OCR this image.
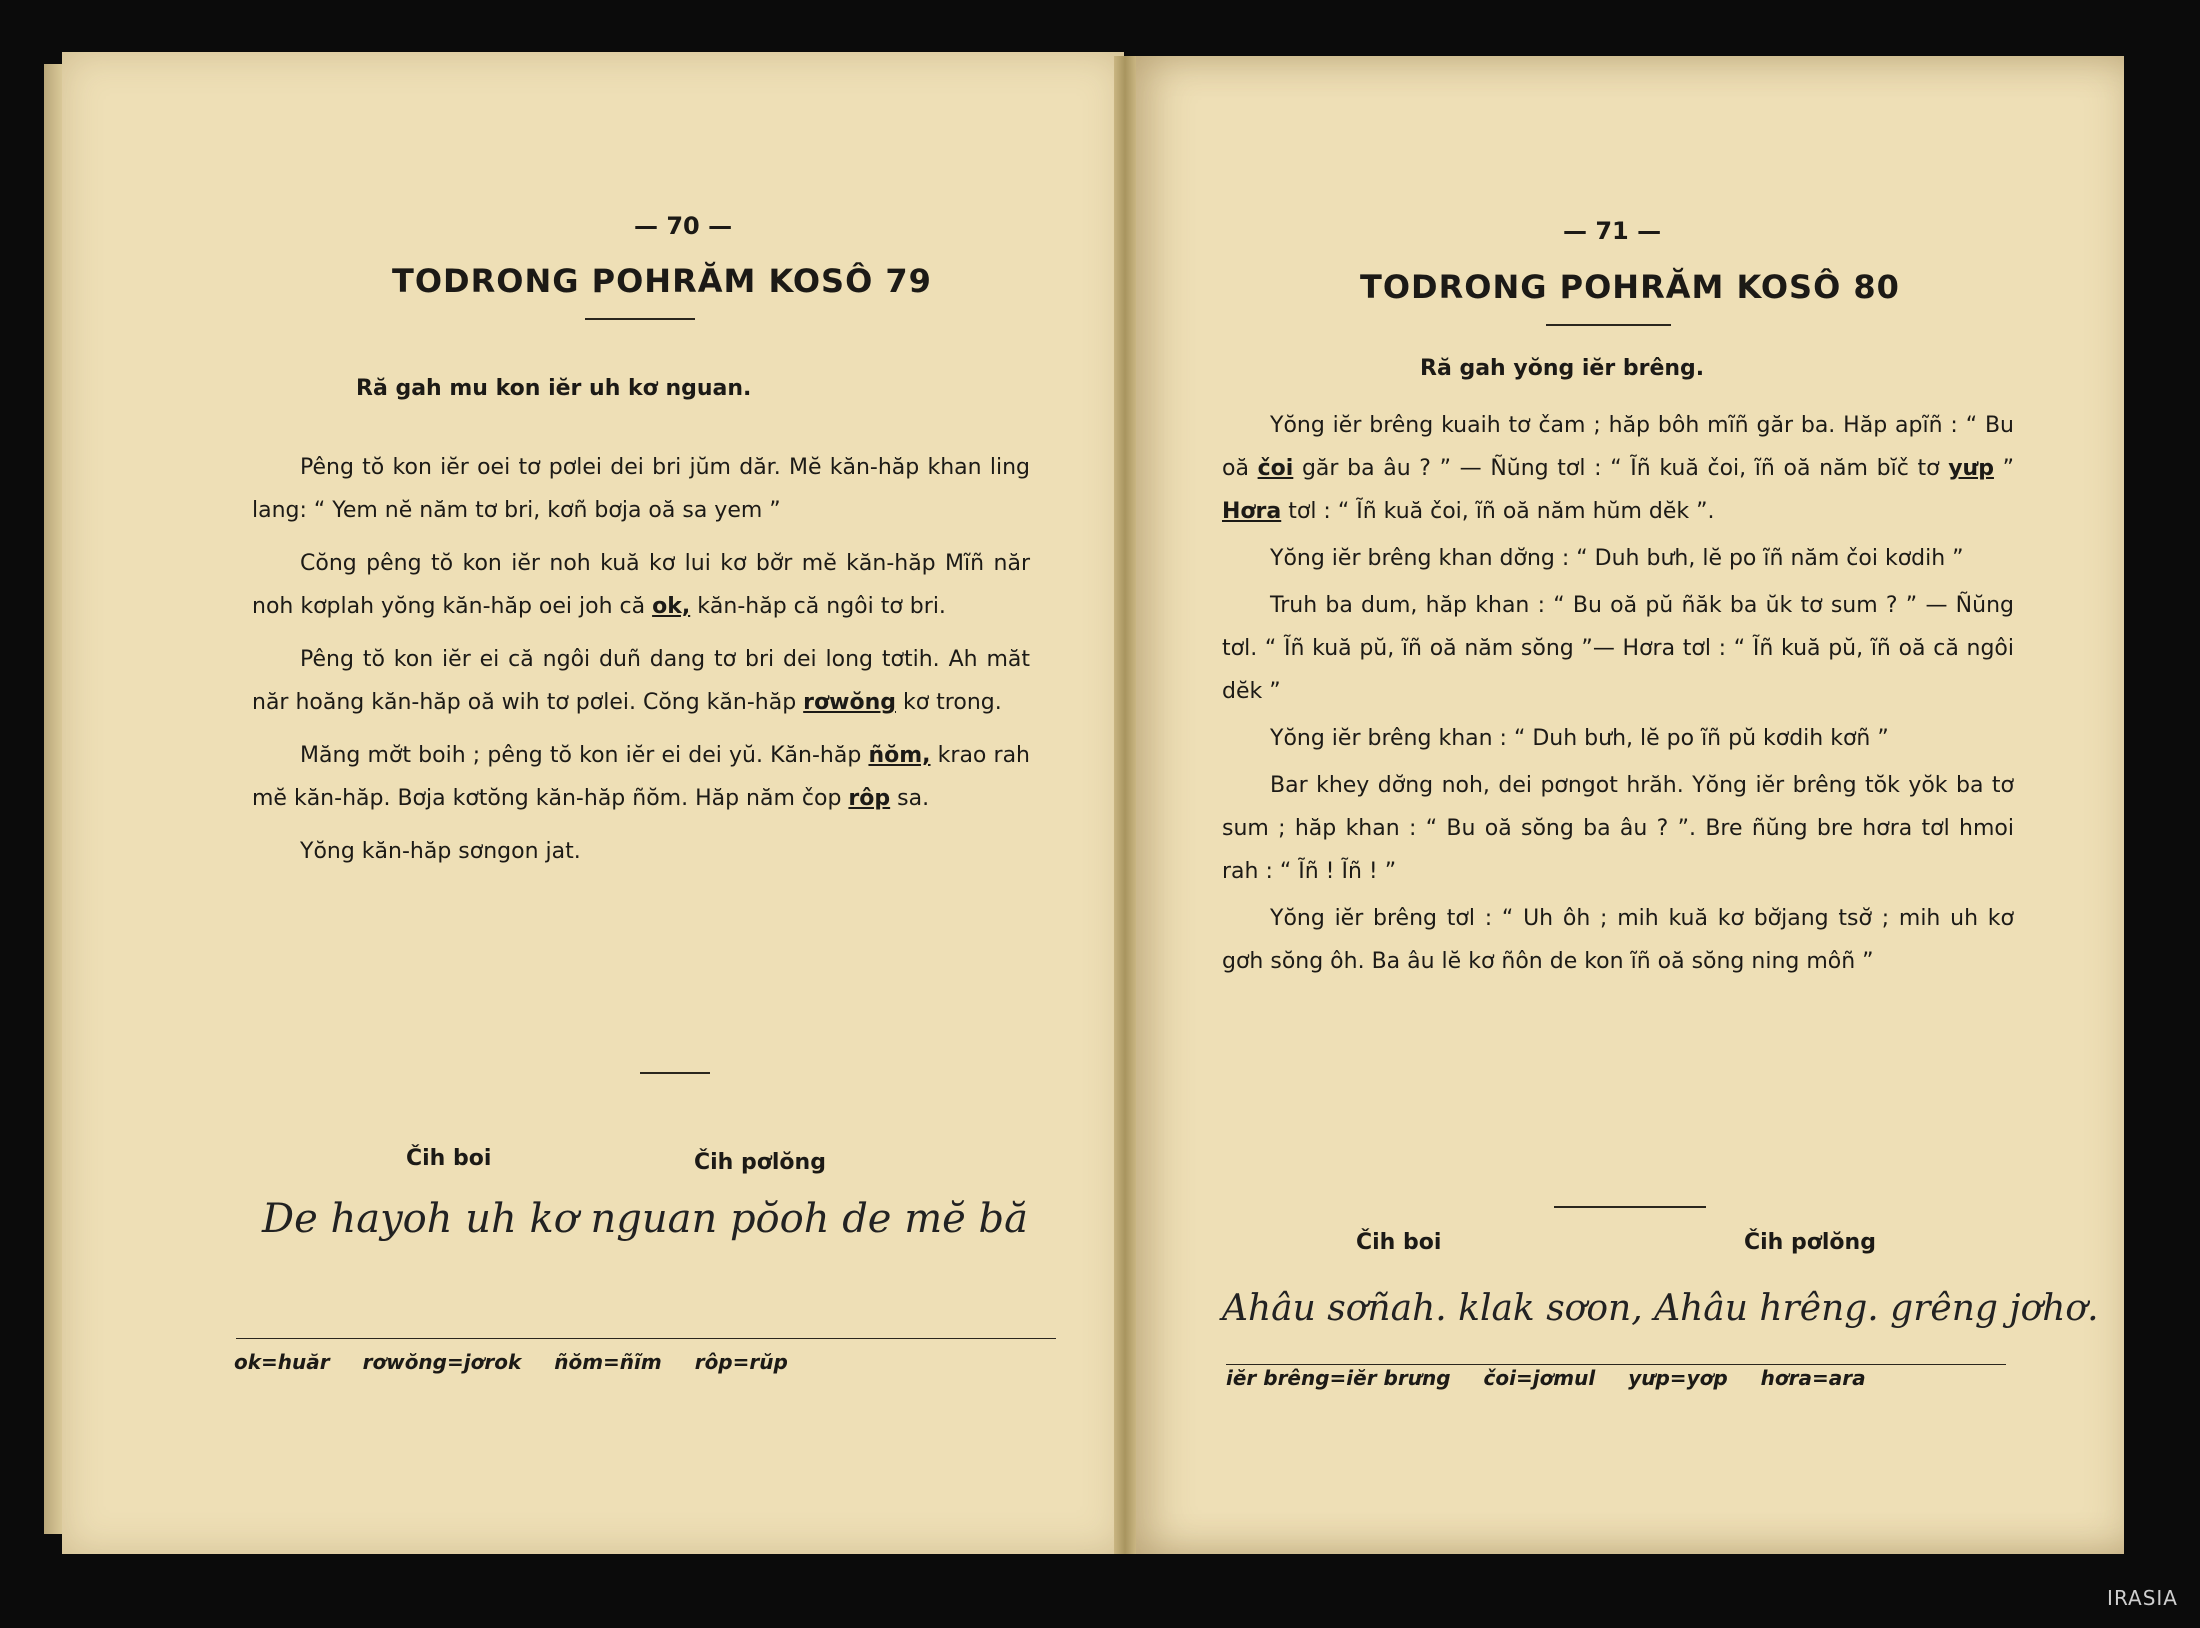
— 70 —
TODRONG POHRĂM KOSÔ 79
Ră gah mu kon iĕr uh kơ nguan.

Pêng tŏ kon iĕr oei tơ pơlei dei bri jŭm dăr. Mĕ kăn-hăp khan ling lang: “ Yem nĕ năm tơ bri, kơñ bơja oă sa yem ”

Cŏng pêng tŏ kon iĕr noh kuă kơ lui kơ bơ̆r mĕ kăn-hăp Mĩñ năr noh kơplah yŏng kăn-hăp oei joh că ok, kăn-hăp că ngôi tơ bri.

Pêng tŏ kon iĕr ei că ngôi duñ dang tơ bri dei long tơtih. Ah măt năr hoăng kăn-hăp oă wih tơ pơlei. Cŏng kăn-hăp rơwŏng kơ trong.

Măng mơ̆t boih ; pêng tŏ kon iĕr ei dei yŭ. Kăn-hăp ñŏm, krao rah mĕ kăn-hăp. Bơja kơtŏng kăn-hăp ñŏm. Hăp năm čop rôp sa.

Yŏng kăn-hăp sơngon jat.

Čih boi	Čih pơlŏng
De hayoh uh kơ nguan pŏoh de mĕ bă
ok=huăr rơwŏng=jơrok ñŏm=ñĩm rôp=rŭp
— 71 —
TODRONG POHRĂM KOSÔ 80
Ră gah yŏng iĕr brêng.

Yŏng iĕr brêng kuaih tơ čam ; hăp bôh mĩñ găr ba. Hăp apĩñ : “ Bu oă čoi găr ba âu ? ” — Ñŭng tơl : “ Ĩñ kuă čoi, ĩñ oă năm bĭč tơ yưp ” Hơra tơl : “ Ĩñ kuă čoi, ĩñ oă năm hŭm dĕk ”.

Yŏng iĕr brêng khan dơ̆ng : “ Duh bưh, lĕ po ĩñ năm čoi kơdih ”

Truh ba dum, hăp khan : “ Bu oă pŭ ñăk ba ŭk tơ sum ? ” — Ñŭng tơl. “ Ĩñ kuă pŭ, ĩñ oă năm sŏng ”— Hơra tơl : “ Ĩñ kuă pŭ, ĩñ oă că ngôi dĕk ”

Yŏng iĕr brêng khan : “ Duh bưh, lĕ po ĩñ pŭ kơdih kơñ ”

Bar khey dơ̆ng noh, dei pơngot hrăh. Yŏng iĕr brêng tŏk yŏk ba tơ sum ; hăp khan : “ Bu oă sŏng ba âu ? ”. Bre ñŭng bre hơra tơl hmoi rah : “ Ĩñ ! Ĩñ ! ”

Yŏng iĕr brêng tơl : “ Uh ôh ; mih kuă kơ bơ̆jang tsơ̆ ; mih uh kơ gơh sŏng ôh. Ba âu lĕ kơ ñôn de kon ĩñ oă sŏng ning môñ ”

Čih boi	Čih pơlŏng
Ahâu sơñah. klak sơon, Ahâu hrêng. grêng jơhơ.
iĕr brêng=iĕr brưng čoi=jơmul yưp=yơp hơra=ara
IRASIA
